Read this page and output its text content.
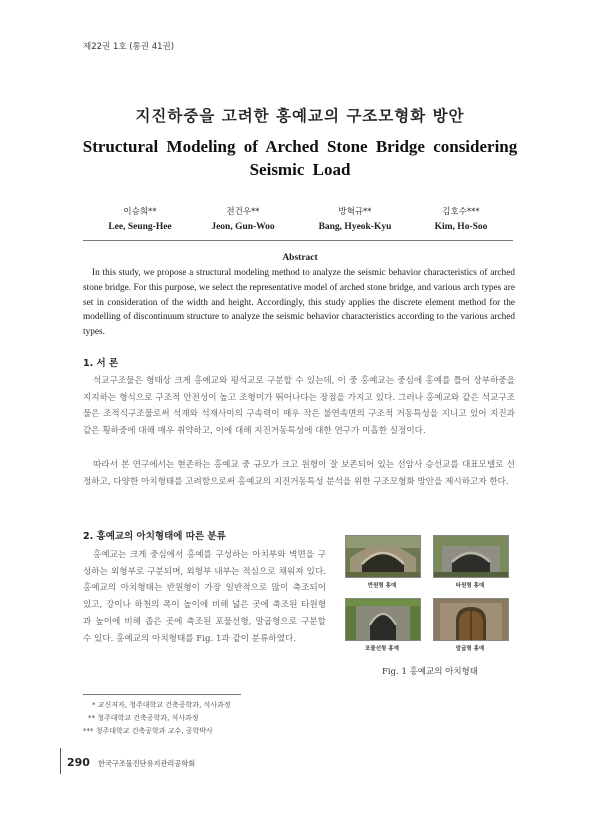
제22권 1호 (통권 41권)
지진하중을 고려한 홍예교의 구조모형화 방안
Structural Modeling of Arched Stone Bridge considering Seismic Load
이승희**
Lee, Seung-Hee
전건우**
Jeon, Gun-Woo
방혁규**
Bang, Hyeok-Kyu
김호수***
Kim, Ho-Soo
Abstract
In this study, we propose a structural modeling method to analyze the seismic behavior characteristics of arched stone bridge. For this purpose, we select the representative model of arched stone bridge, and various arch types are set in consideration of the width and height. Accordingly, this study applies the discrete element method for the modelling of discontinuum structure to analyze the seismic behavior characteristics according to the various arched types.
1. 서 론
석교구조물은 형태상 크게 홍예교와 평석교로 구분할 수 있는데, 이 중 홍예교는 중심에 홍예를 틀어 상부하중을 지지하는 형식으로 구조적 안전성이 높고 조형미가 뛰어나다는 장점을 가지고 있다. 그러나 홍예교와 같은 석교구조물은 조적식구조물로써 석재와 석재사이의 구속력이 매우 작은 불연속면의 구조적 거동특성을 지니고 있어 지진과 같은 횡하중에 대해 매우 취약하고, 이에 대해 지진거동특성에 대한 연구가 미흡한 실정이다.
따라서 본 연구에서는 현존하는 홍예교 중 규모가 크고 원형이 잘 보존되어 있는 선암사 승선교를 대표모델로 선정하고, 다양한 아치형태를 고려함으로써 홍예교의 지진거동특성 분석을 위한 구조모형화 방안을 제시하고자 한다.
2. 홍예교의 아치형태에 따른 분류
홍예교는 크게 중심에서 홍예를 구성하는 아치부와 벽면을 구성하는 외형부로 구분되며, 외형부 내부는 적심으로 채워져 있다. 홍예교의 아치형태는 반원형이 가장 일반적으로 많이 축조되어 있고, 강이나 하천의 폭이 높이에 비해 넓은 곳에 축조된 타원형과 높이에 비해 좁은 곳에 축조된 포물선형, 말굽형으로 구분할 수 있다. 홍예교의 아치형태를 Fig. 1과 같이 분류하였다.
반원형 홍예	타원형 홍예
포물선형 홍예	말굽형 홍예
Fig. 1 홍예교의 아치형태
* 교신저자, 청주대학교 건축공학과, 석사과정
** 청주대학교 건축공학과, 석사과정
*** 청주대학교 건축공학과 교수, 공학박사
290 한국구조물진단유지관리공학회
